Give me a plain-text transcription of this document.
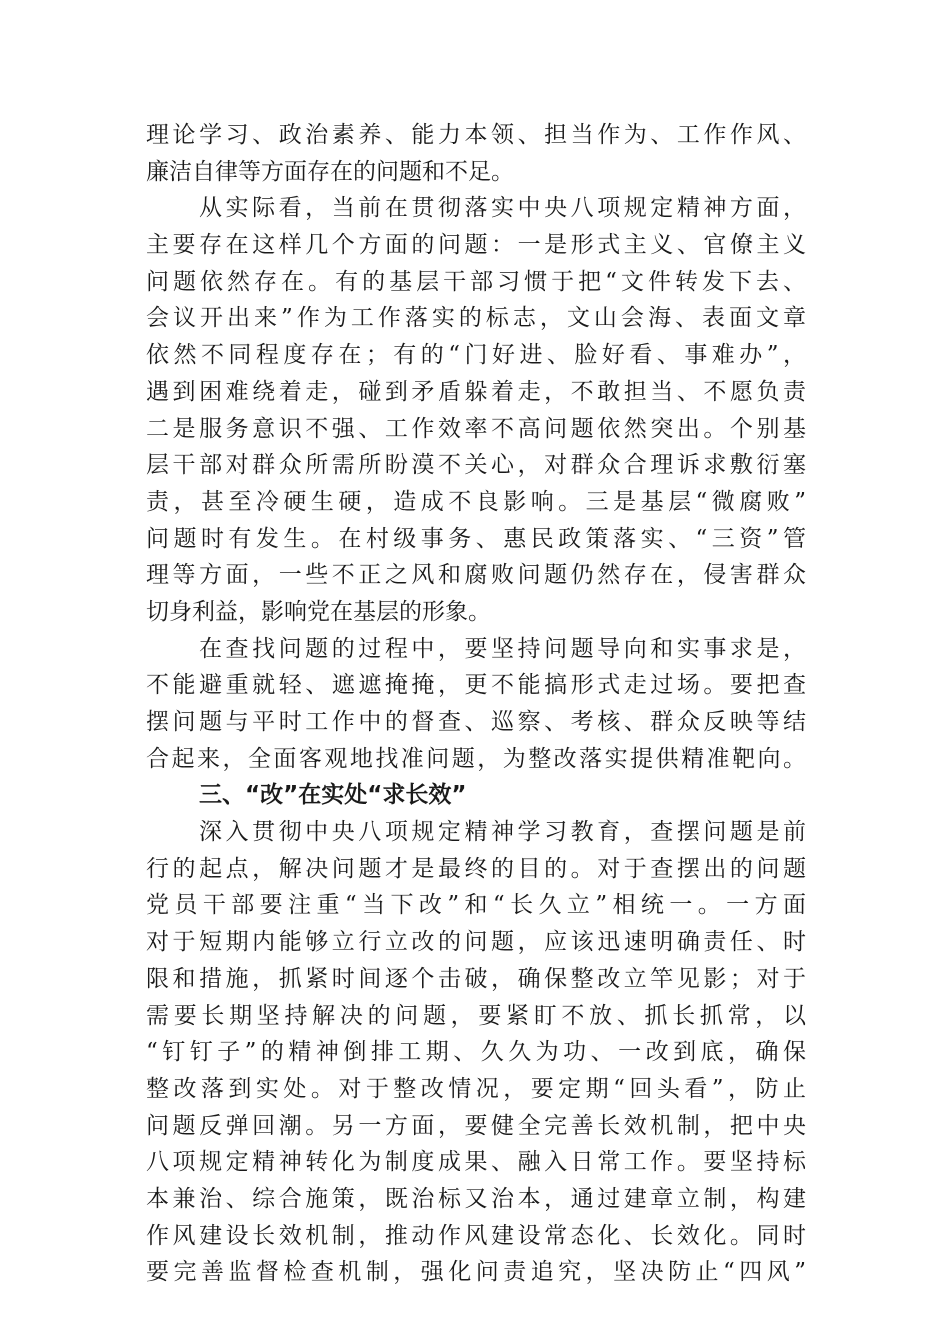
理论学习、政治素养、能力本领、担当作为、工作作风、
廉洁自律等方面存在的问题和不足。
从实际看，当前在贯彻落实中央八项规定精神方面，
主要存在这样几个方面的问题：一是形式主义、官僚主义
问题依然存在。有的基层干部习惯于把“文件转发下去、
会议开出来”作为工作落实的标志，文山会海、表面文章
依然不同程度存在；有的“门好进、脸好看、事难办”，
遇到困难绕着走，碰到矛盾躲着走，不敢担当、不愿负责
二是服务意识不强、工作效率不高问题依然突出。个别基
层干部对群众所需所盼漠不关心，对群众合理诉求敷衍塞
责，甚至冷硬生硬，造成不良影响。三是基层“微腐败”
问题时有发生。在村级事务、惠民政策落实、“三资”管
理等方面，一些不正之风和腐败问题仍然存在，侵害群众
切身利益，影响党在基层的形象。
在查找问题的过程中，要坚持问题导向和实事求是，
不能避重就轻、遮遮掩掩，更不能搞形式走过场。要把查
摆问题与平时工作中的督查、巡察、考核、群众反映等结
合起来，全面客观地找准问题，为整改落实提供精准靶向。
三、“改”在实处“求长效”
深入贯彻中央八项规定精神学习教育，查摆问题是前
行的起点，解决问题才是最终的目的。对于查摆出的问题
党员干部要注重“当下改”和“长久立”相统一。一方面
对于短期内能够立行立改的问题，应该迅速明确责任、时
限和措施，抓紧时间逐个击破，确保整改立竿见影；对于
需要长期坚持解决的问题，要紧盯不放、抓长抓常，以
“钉钉子”的精神倒排工期、久久为功、一改到底，确保
整改落到实处。对于整改情况，要定期“回头看”，防止
问题反弹回潮。另一方面，要健全完善长效机制，把中央
八项规定精神转化为制度成果、融入日常工作。要坚持标
本兼治、综合施策，既治标又治本，通过建章立制，构建
作风建设长效机制，推动作风建设常态化、长效化。同时
要完善监督检查机制，强化问责追究，坚决防止“四风”
